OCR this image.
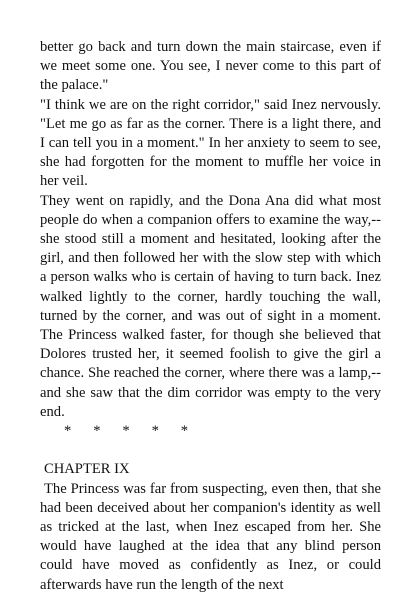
better go back and turn down the main staircase, even if we meet some one. You see, I never come to this part of the palace."

"I think we are on the right corridor," said Inez nervously. "Let me go as far as the corner. There is a light there, and I can tell you in a moment." In her anxiety to seem to see, she had forgotten for the moment to muffle her voice in her veil.

They went on rapidly, and the Dona Ana did what most people do when a companion offers to examine the way,--she stood still a moment and hesitated, looking after the girl, and then followed her with the slow step with which a person walks who is certain of having to turn back. Inez walked lightly to the corner, hardly touching the wall, turned by the corner, and was out of sight in a moment. The Princess walked faster, for though she believed that Dolores trusted her, it seemed foolish to give the girl a chance. She reached the corner, where there was a lamp,--and she saw that the dim corridor was empty to the very end.

*      *      *      *      *

CHAPTER IX

The Princess was far from suspecting, even then, that she had been deceived about her companion's identity as well as tricked at the last, when Inez escaped from her. She would have laughed at the idea that any blind person could have moved as confidently as Inez, or could afterwards have run the length of the next
